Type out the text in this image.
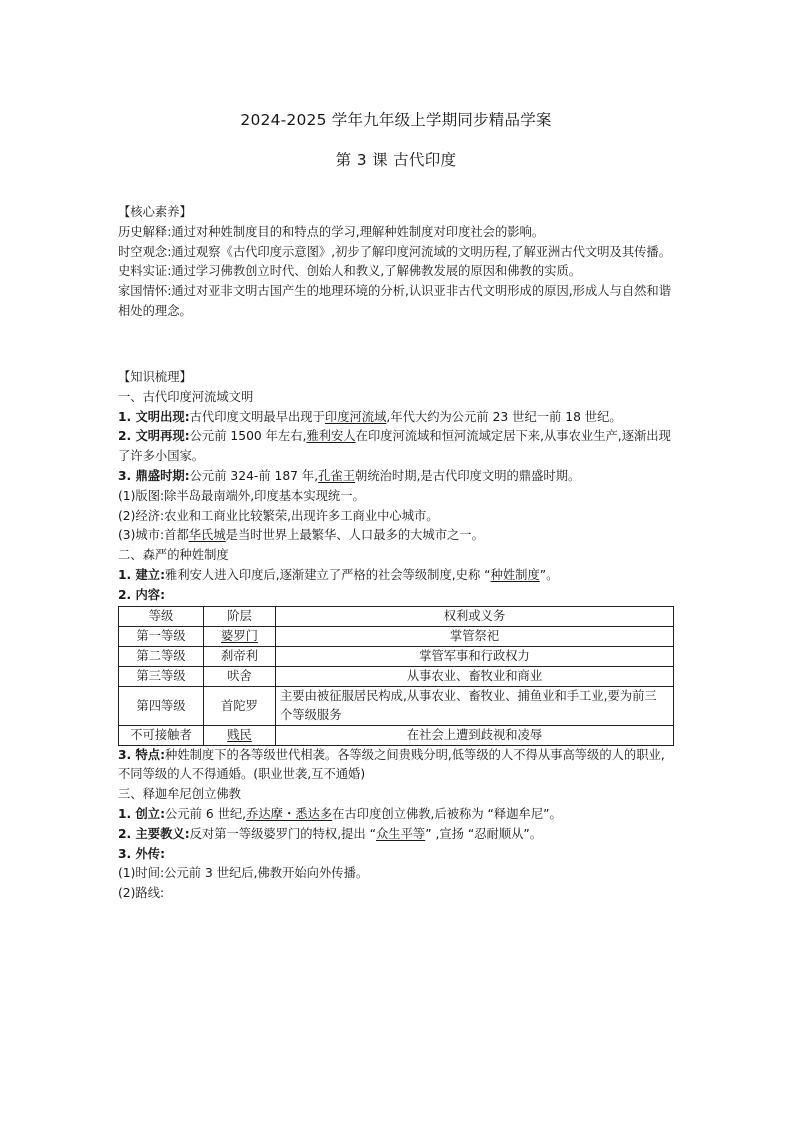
2024-2025 学年九年级上学期同步精品学案
第 3 课 古代印度
【核心素养】
历史解释:通过对种姓制度目的和特点的学习,理解种姓制度对印度社会的影响。
时空观念:通过观察《古代印度示意图》,初步了解印度河流域的文明历程,了解亚洲古代文明及其传播。
史料实证:通过学习佛教创立时代、创始人和教义,了解佛教发展的原因和佛教的实质。
家国情怀:通过对亚非文明古国产生的地理环境的分析,认识亚非古代文明形成的原因,形成人与自然和谐相处的理念。
【知识梳理】
一、古代印度河流域文明
1. 文明出现:古代印度文明最早出现于印度河流域,年代大约为公元前 23 世纪一前 18 世纪。
2. 文明再现:公元前 1500 年左右,雅利安人在印度河流域和恒河流域定居下来,从事农业生产,逐渐出现了许多小国家。
3. 鼎盛时期:公元前 324-前 187 年,孔雀王朝统治时期,是古代印度文明的鼎盛时期。
(1)版图:除半岛最南端外,印度基本实现统一。
(2)经济:农业和工商业比较繁荣,出现许多工商业中心城市。
(3)城市:首都华氏城是当时世界上最繁华、人口最多的大城市之一。
二、森严的种姓制度
1. 建立:雅利安人进入印度后,逐渐建立了严格的社会等级制度,史称 “种姓制度”。
2. 内容:
等级	阶层	权利或义务
第一等级	婆罗门	掌管祭祀
第二等级	刹帝利	掌管军事和行政权力
第三等级	吠舍	从事农业、畜牧业和商业
第四等级	首陀罗	主要由被征服居民构成,从事农业、畜牧业、捕鱼业和手工业,要为前三个等级服务
不可接触者	贱民	在社会上遭到歧视和凌辱
3. 特点:种姓制度下的各等级世代相袭。各等级之间贵贱分明,低等级的人不得从事高等级的人的职业,不同等级的人不得通婚。(职业世袭,互不通婚)
三、释迦牟尼创立佛教
1. 创立:公元前 6 世纪,乔达摩・悉达多在古印度创立佛教,后被称为 “释迦牟尼”。
2. 主要教义:反对第一等级婆罗门的特权,提出 “众生平等” ,宣扬 “忍耐顺从”。
3. 外传:
(1)时间:公元前 3 世纪后,佛教开始向外传播。
(2)路线:
